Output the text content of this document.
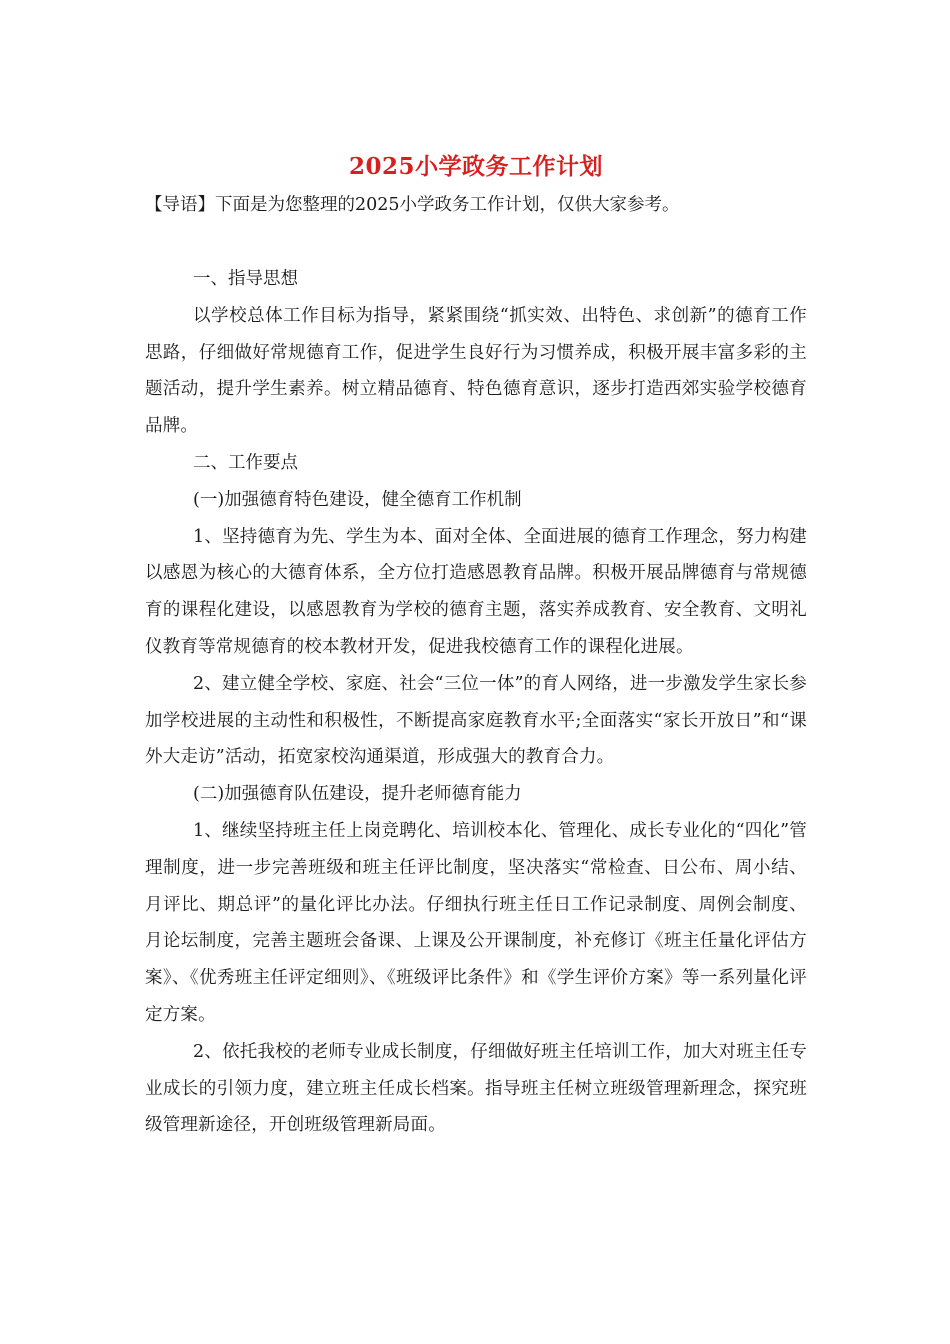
2025小学政务工作计划

【导语】下面是为您整理的2025小学政务工作计划，仅供大家参考。

一、指导思想

以学校总体工作目标为指导，紧紧围绕“抓实效、出特色、求创新”的德育工作思路，仔细做好常规德育工作，促进学生良好行为习惯养成，积极开展丰富多彩的主题活动，提升学生素养。树立精品德育、特色德育意识，逐步打造西郊实验学校德育品牌。

二、工作要点

(一)加强德育特色建设，健全德育工作机制

1、坚持德育为先、学生为本、面对全体、全面进展的德育工作理念，努力构建以感恩为核心的大德育体系，全方位打造感恩教育品牌。积极开展品牌德育与常规德育的课程化建设，以感恩教育为学校的德育主题，落实养成教育、安全教育、文明礼仪教育等常规德育的校本教材开发，促进我校德育工作的课程化进展。

2、建立健全学校、家庭、社会“三位一体”的育人网络，进一步激发学生家长参加学校进展的主动性和积极性，不断提高家庭教育水平;全面落实“家长开放日”和“课外大走访”活动，拓宽家校沟通渠道，形成强大的教育合力。

(二)加强德育队伍建设，提升老师德育能力

1、继续坚持班主任上岗竞聘化、培训校本化、管理化、成长专业化的“四化”管理制度，进一步完善班级和班主任评比制度，坚决落实“常检查、日公布、周小结、月评比、期总评”的量化评比办法。仔细执行班主任日工作记录制度、周例会制度、月论坛制度，完善主题班会备课、上课及公开课制度，补充修订《班主任量化评估方案》、《优秀班主任评定细则》、《班级评比条件》和《学生评价方案》等一系列量化评定方案。

2、依托我校的老师专业成长制度，仔细做好班主任培训工作，加大对班主任专业成长的引领力度，建立班主任成长档案。指导班主任树立班级管理新理念，探究班级管理新途径，开创班级管理新局面。
